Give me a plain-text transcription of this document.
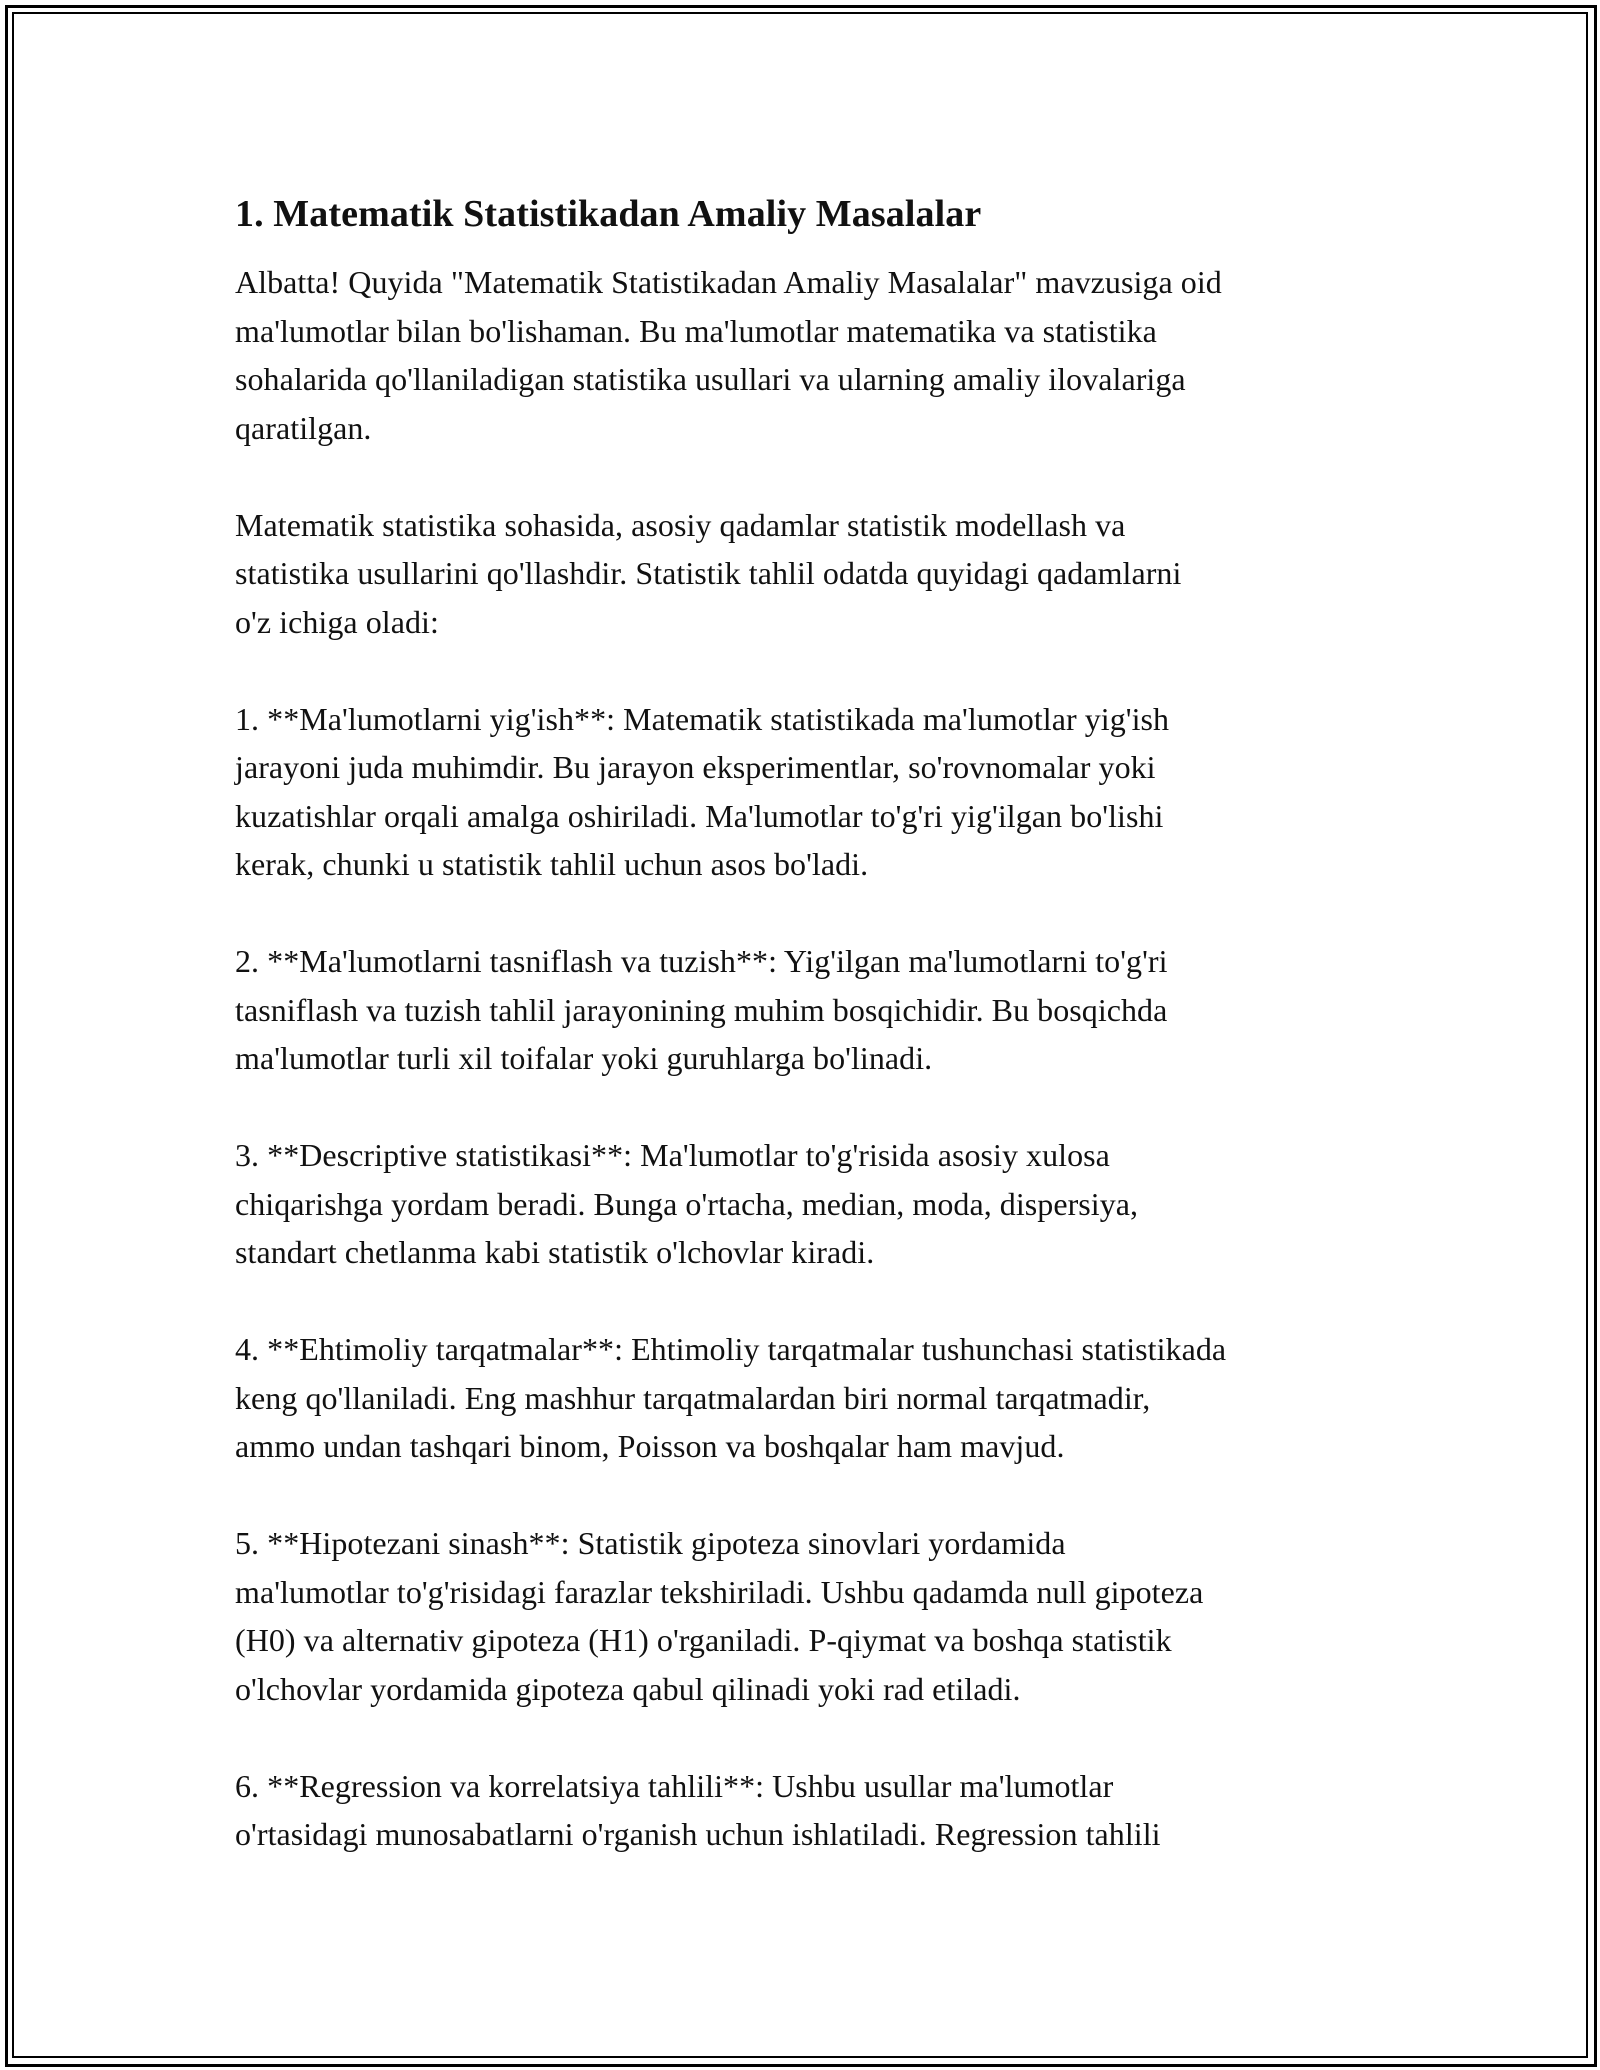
1. Matematik Statistikadan Amaliy Masalalar

Albatta! Quyida "Matematik Statistikadan Amaliy Masalalar" mavzusiga oid
ma'lumotlar bilan bo'lishaman. Bu ma'lumotlar matematika va statistika
sohalarida qo'llaniladigan statistika usullari va ularning amaliy ilovalariga
qaratilgan.

Matematik statistika sohasida, asosiy qadamlar statistik modellash va
statistika usullarini qo'llashdir. Statistik tahlil odatda quyidagi qadamlarni
o'z ichiga oladi:

1. **Ma'lumotlarni yig'ish**: Matematik statistikada ma'lumotlar yig'ish
jarayoni juda muhimdir. Bu jarayon eksperimentlar, so'rovnomalar yoki
kuzatishlar orqali amalga oshiriladi. Ma'lumotlar to'g'ri yig'ilgan bo'lishi
kerak, chunki u statistik tahlil uchun asos bo'ladi.

2. **Ma'lumotlarni tasniflash va tuzish**: Yig'ilgan ma'lumotlarni to'g'ri
tasniflash va tuzish tahlil jarayonining muhim bosqichidir. Bu bosqichda
ma'lumotlar turli xil toifalar yoki guruhlarga bo'linadi.

3. **Descriptive statistikasi**: Ma'lumotlar to'g'risida asosiy xulosa
chiqarishga yordam beradi. Bunga o'rtacha, median, moda, dispersiya,
standart chetlanma kabi statistik o'lchovlar kiradi.

4. **Ehtimoliy tarqatmalar**: Ehtimoliy tarqatmalar tushunchasi statistikada
keng qo'llaniladi. Eng mashhur tarqatmalardan biri normal tarqatmadir,
ammo undan tashqari binom, Poisson va boshqalar ham mavjud.

5. **Hipotezani sinash**: Statistik gipoteza sinovlari yordamida
ma'lumotlar to'g'risidagi farazlar tekshiriladi. Ushbu qadamda null gipoteza
(H0) va alternativ gipoteza (H1) o'rganiladi. P-qiymat va boshqa statistik
o'lchovlar yordamida gipoteza qabul qilinadi yoki rad etiladi.

6. **Regression va korrelatsiya tahlili**: Ushbu usullar ma'lumotlar
o'rtasidagi munosabatlarni o'rganish uchun ishlatiladi. Regression tahlili
